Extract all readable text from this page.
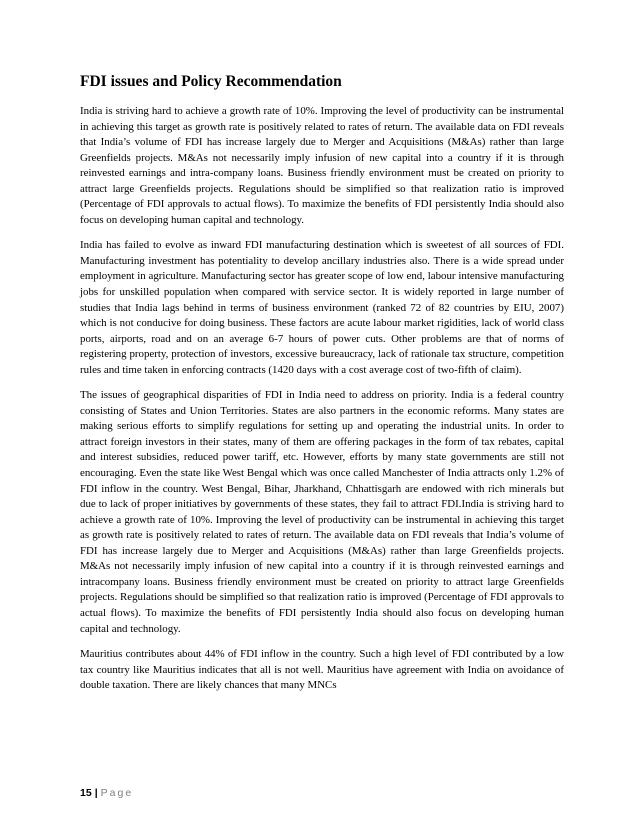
FDI issues and Policy Recommendation

India is striving hard to achieve a growth rate of 10%. Improving the level of productivity can be instrumental in achieving this target as growth rate is positively related to rates of return. The available data on FDI reveals that India’s volume of FDI has increase largely due to Merger and Acquisitions (M&As) rather than large Greenfields projects. M&As not necessarily imply infusion of new capital into a country if it is through reinvested earnings and intra-company loans. Business friendly environment must be created on priority to attract large Greenfields projects. Regulations should be simplified so that realization ratio is improved (Percentage of FDI approvals to actual flows). To maximize the benefits of FDI persistently India should also focus on developing human capital and technology.

India has failed to evolve as inward FDI manufacturing destination which is sweetest of all sources of FDI. Manufacturing investment has potentiality to develop ancillary industries also. There is a wide spread under employment in agriculture. Manufacturing sector has greater scope of low end, labour intensive manufacturing jobs for unskilled population when compared with service sector. It is widely reported in large number of studies that India lags behind in terms of business environment (ranked 72 of 82 countries by EIU, 2007) which is not conducive for doing business. These factors are acute labour market rigidities, lack of world class ports, airports, road and on an average 6-7 hours of power cuts. Other problems are that of norms of registering property, protection of investors, excessive bureaucracy, lack of rationale tax structure, competition rules and time taken in enforcing contracts (1420 days with a cost average cost of two-fifth of claim).

The issues of geographical disparities of FDI in India need to address on priority. India is a federal country consisting of States and Union Territories. States are also partners in the economic reforms. Many states are making serious efforts to simplify regulations for setting up and operating the industrial units. In order to attract foreign investors in their states, many of them are offering packages in the form of tax rebates, capital and interest subsidies, reduced power tariff, etc. However, efforts by many state governments are still not encouraging. Even the state like West Bengal which was once called Manchester of India attracts only 1.2% of FDI inflow in the country. West Bengal, Bihar, Jharkhand, Chhattisgarh are endowed with rich minerals but due to lack of proper initiatives by governments of these states, they fail to attract FDI.India is striving hard to achieve a growth rate of 10%. Improving the level of productivity can be instrumental in achieving this target as growth rate is positively related to rates of return. The available data on FDI reveals that India’s volume of FDI has increase largely due to Merger and Acquisitions (M&As) rather than large Greenfields projects. M&As not necessarily imply infusion of new capital into a country if it is through reinvested earnings and intracompany loans. Business friendly environment must be created on priority to attract large Greenfields projects. Regulations should be simplified so that realization ratio is improved (Percentage of FDI approvals to actual flows). To maximize the benefits of FDI persistently India should also focus on developing human capital and technology.

Mauritius contributes about 44% of FDI inflow in the country. Such a high level of FDI contributed by a low tax country like Mauritius indicates that all is not well. Mauritius have agreement with India on avoidance of double taxation. There are likely chances that many MNCs

15 | Page
